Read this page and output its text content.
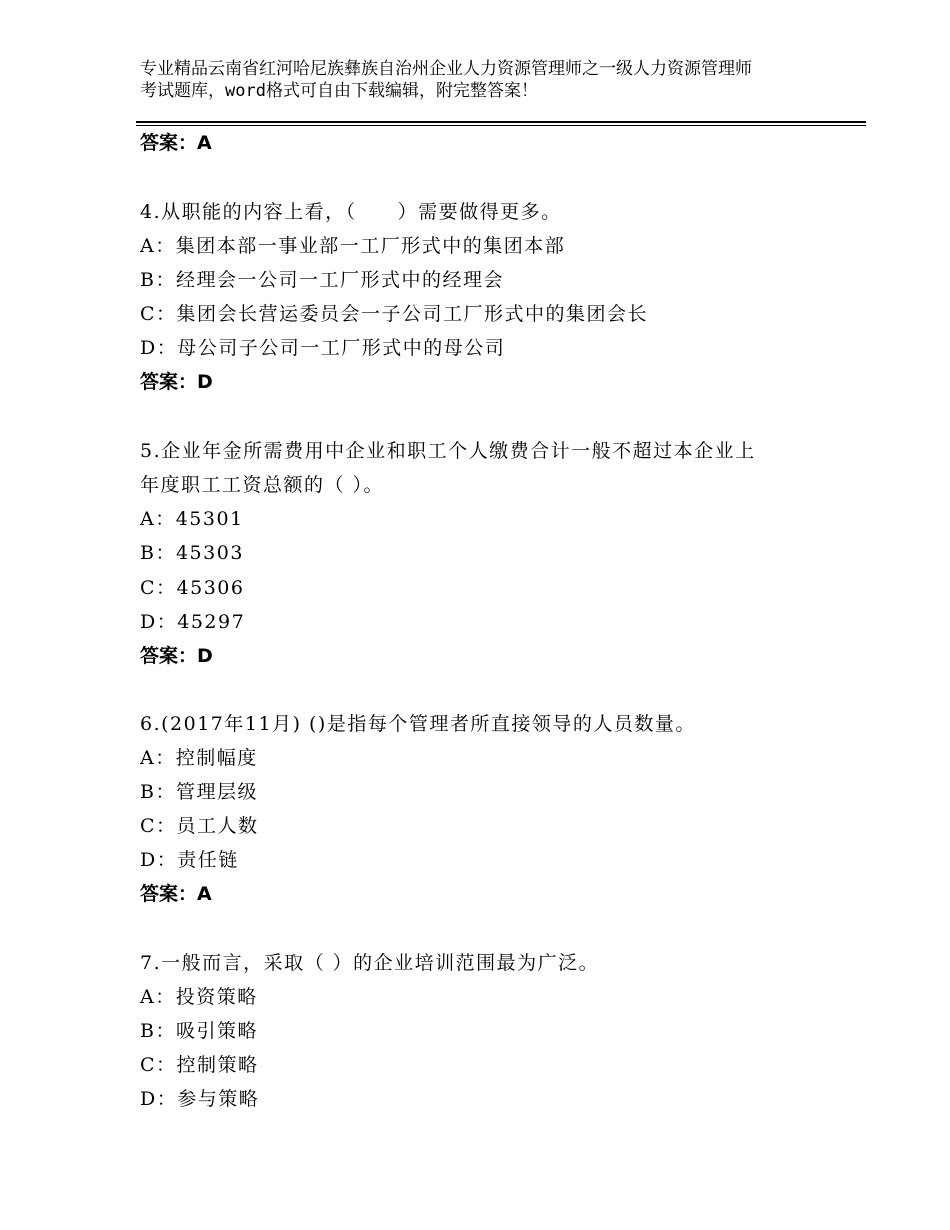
专业精品云南省红河哈尼族彝族自治州企业人力资源管理师之一级人力资源管理师
考试题库，word格式可自由下载编辑，附完整答案！
答案：A
4.从职能的内容上看，（　　）需要做得更多。
A：集团本部一事业部一工厂形式中的集团本部
B：经理会一公司一工厂形式中的经理会
C：集团会长营运委员会一子公司工厂形式中的集团会长
D：母公司子公司一工厂形式中的母公司
答案：D
5.企业年金所需费用中企业和职工个人缴费合计一般不超过本企业上
年度职工工资总额的（ ）。
A：45301
B：45303
C：45306
D：45297
答案：D
6.(2017年11月) ()是指每个管理者所直接领导的人员数量。
A：控制幅度
B：管理层级
C：员工人数
D：责任链
答案：A
7.一般而言，采取（ ）的企业培训范围最为广泛。
A：投资策略
B：吸引策略
C：控制策略
D：参与策略
